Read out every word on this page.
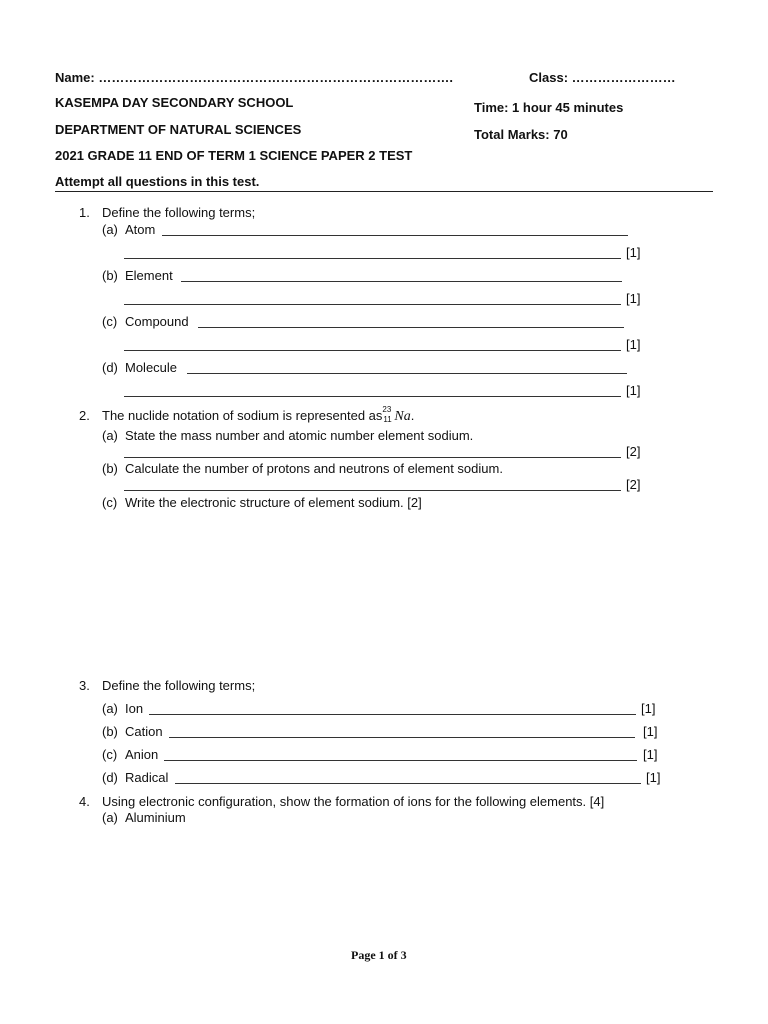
Name: ……………………………………………………………………….	Class: ……………………
KASEMPA DAY SECONDARY SCHOOL	Time: 1 hour 45 minutes
DEPARTMENT OF NATURAL SCIENCES	Total Marks: 70
2021 GRADE 11 END OF TERM 1 SCIENCE PAPER 2 TEST
Attempt all questions in this test.
1. Define the following terms;
(a) Atom
[1]
(b) Element
[1]
(c) Compound
[1]
(d) Molecule
[1]
2. The nuclide notation of sodium is represented as 23
11 Na.
(a) State the mass number and atomic number element sodium.
[2]
(b) Calculate the number of protons and neutrons of element sodium.
[2]
(c) Write the electronic structure of element sodium. [2]
3. Define the following terms;
(a) Ion	[1]
(b) Cation	[1]
(c) Anion	[1]
(d) Radical	[1]
4. Using electronic configuration, show the formation of ions for the following elements. [4]
(a) Aluminium
Page 1 of 3
